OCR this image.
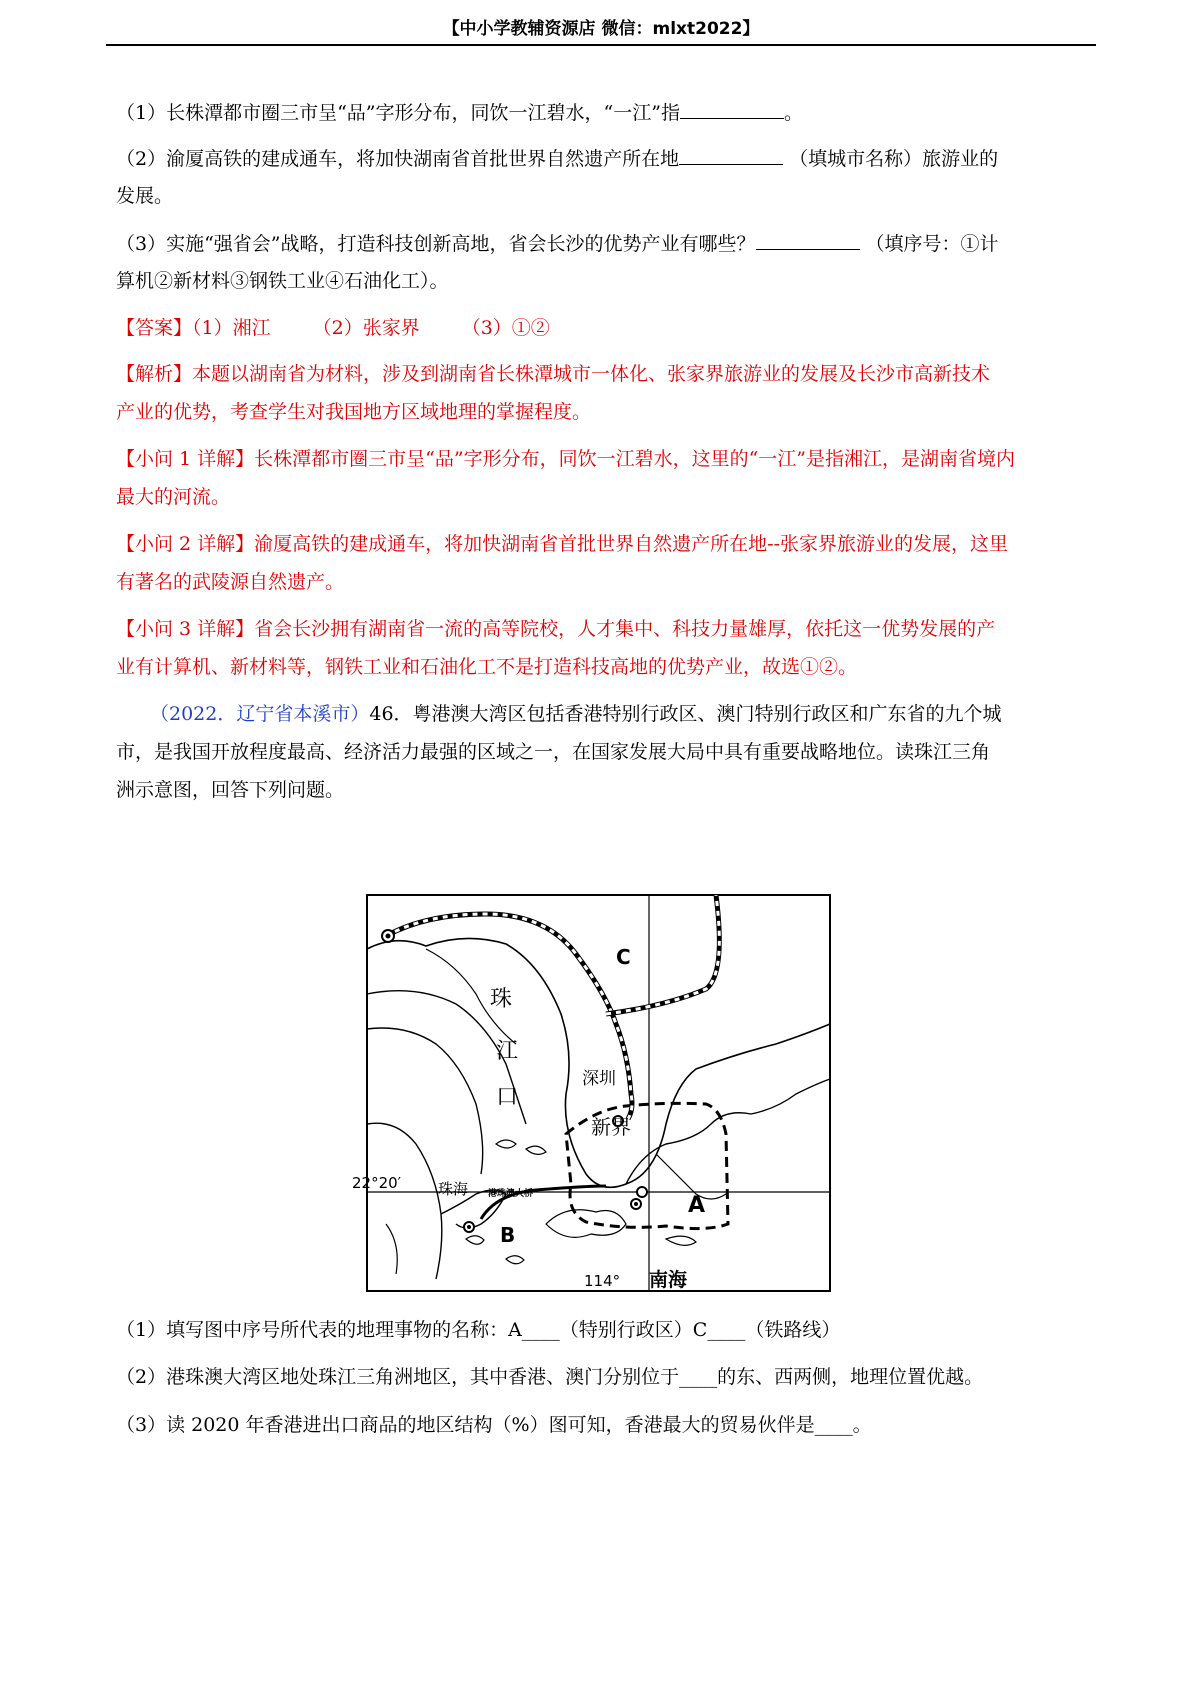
【中小学教辅资源店 微信：mlxt2022】
（1）长株潭都市圈三市呈“品”字形分布，同饮一江碧水，“一江”指	。
（2）渝厦高铁的建成通车，将加快湖南省首批世界自然遗产所在地	（填城市名称）旅游业的
发展。
（3）实施“强省会”战略，打造科技创新高地，省会长沙的优势产业有哪些？	（填序号：①计
算机②新材料③钢铁工业④石油化工）。
【答案】（1）湘江 （2）张家界 （3）①②
【解析】本题以湖南省为材料，涉及到湖南省长株潭城市一体化、张家界旅游业的发展及长沙市高新技术
产业的优势，考查学生对我国地方区域地理的掌握程度。
【小问 1 详解】长株潭都市圈三市呈“品”字形分布，同饮一江碧水，这里的“一江”是指湘江，是湖南省境内
最大的河流。
【小问 2 详解】渝厦高铁的建成通车，将加快湖南省首批世界自然遗产所在地--张家界旅游业的发展，这里
有著名的武陵源自然遗产。
【小问 3 详解】省会长沙拥有湖南省一流的高等院校，人才集中、科技力量雄厚，依托这一优势发展的产
业有计算机、新材料等，钢铁工业和石油化工不是打造科技高地的优势产业，故选①②。
（2022．辽宁省本溪市）46．粤港澳大湾区包括香港特别行政区、澳门特别行政区和广东省的九个城
市，是我国开放程度最高、经济活力最强的区域之一，在国家发展大局中具有重要战略地位。读珠江三角
洲示意图，回答下列问题。
珠
江
口
深圳
新界
珠海 港珠澳大桥
22°20′
114° 南海
A
B
C
（1）填写图中序号所代表的地理事物的名称：A____（特别行政区）C____（铁路线）
（2）港珠澳大湾区地处珠江三角洲地区，其中香港、澳门分别位于____的东、西两侧，地理位置优越。
（3）读 2020 年香港进出口商品的地区结构（%）图可知，香港最大的贸易伙伴是____。
